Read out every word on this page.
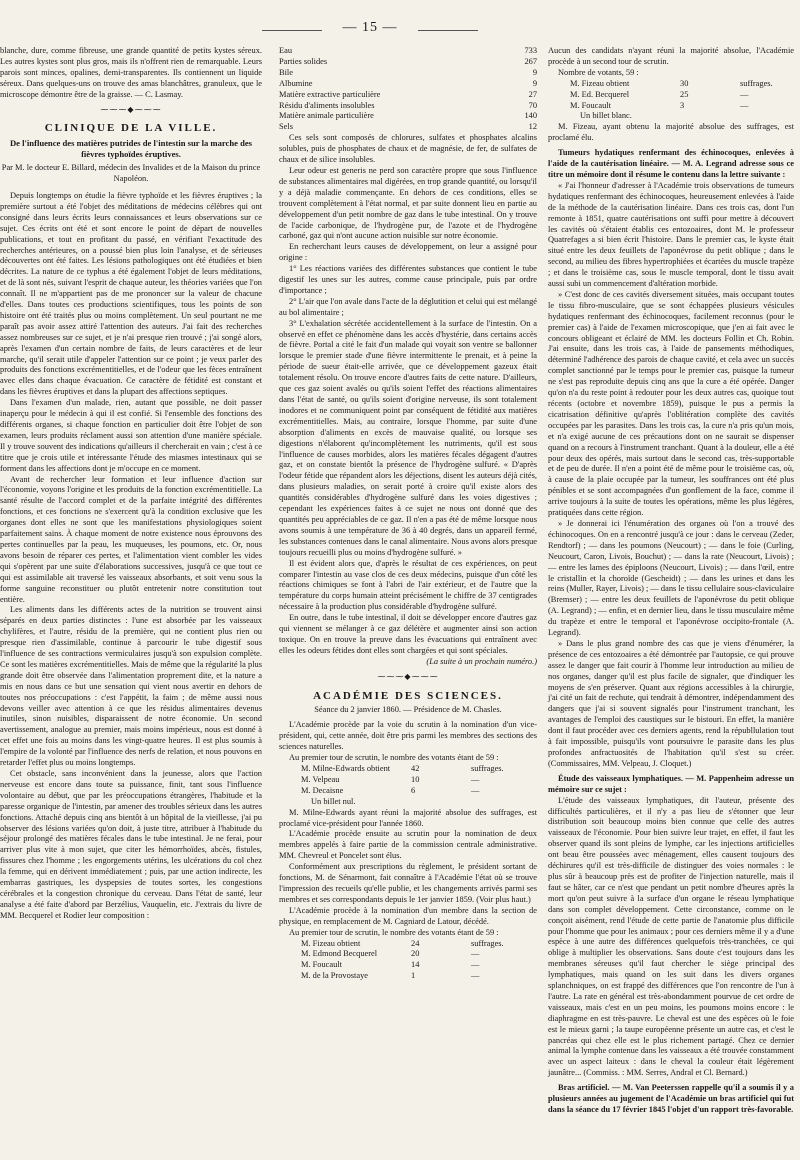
— 15 —

blanche, dure, comme fibreuse, une grande quantité de petits kystes séreux. Les autres kystes sont plus gros, mais ils n'offrent rien de remarquable. Leurs parois sont minces, opalines, demi-transparentes. Ils contiennent un liquide séreux. Dans quelques-uns on trouve des amas blanchâtres, granuleux, que le microscope démontre être de la graisse. — C. Lasmay.

⁓⁓⁓◆⁓⁓⁓
CLINIQUE DE LA VILLE.
De l'influence des matières putrides de l'intestin sur la marche des fièvres typhoïdes éruptives.
Par M. le docteur E. Billard, médecin des Invalides et de la Maison du prince Napoléon.

Depuis longtemps on étudie la fièvre typhoïde et les fièvres éruptives ; la première surtout a été l'objet des méditations de médecins célèbres qui ont consigné dans leurs écrits leurs connaissances et leurs observations sur ce sujet. Ces écrits ont été et sont encore le point de départ de nouvelles publications, et tout en profitant du passé, en vérifiant l'exactitude des recherches antérieures, on a poussé bien plus loin l'analyse, et de sérieuses découvertes ont été faites. Les lésions pathologiques ont été étudiées et bien décrites. La nature de ce typhus a été également l'objet de leurs méditations, et de là sont nés, suivant l'esprit de chaque auteur, les théories variées que l'on connaît. Il ne m'appartient pas de me prononcer sur la valeur de chacune d'elles. Dans toutes ces productions scientifiques, tous les points de son histoire ont été traités plus ou moins complètement. Un seul pourtant ne me paraît pas avoir assez attiré l'attention des auteurs. J'ai fait des recherches assez nombreuses sur ce sujet, et je n'ai presque rien trouvé ; j'ai songé alors, après l'examen d'un certain nombre de faits, de leurs caractères et de leur marche, qu'il serait utile d'appeler l'attention sur ce point ; je veux parler des produits des fonctions excrémentitielles, et de l'odeur que les fèces entraînent avec elles dans chaque évacuation. Ce caractère de fétidité est constant et dans les fièvres éruptives et dans la plupart des affections septiques.

Dans l'examen d'un malade, rien, autant que possible, ne doit passer inaperçu pour le médecin à qui il est confié. Si l'ensemble des fonctions des différents organes, si chaque fonction en particulier doit être l'objet de son examen, leurs produits réclament aussi son attention d'une manière spéciale. Il y trouve souvent des indications qu'ailleurs il chercherait en vain ; c'est à ce titre que je crois utile et intéressante l'étude des miasmes intestinaux qui se forment dans les affections dont je m'occupe en ce moment.

Avant de rechercher leur formation et leur influence d'action sur l'économie, voyons l'origine et les produits de la fonction excrémentitielle. La santé résulte de l'accord complet et de la parfaite intégrité des différentes fonctions, et ces fonctions ne s'exercent qu'à la condition exclusive que les organes dont elles ne sont que les manifestations physiologiques soient parfaitement sains. À chaque moment de notre existence nous éprouvons des pertes continuelles par la peau, les muqueuses, les poumons, etc. Or, nous avons besoin de réparer ces pertes, et l'alimentation vient combler les vides qui s'opèrent par une suite d'élaborations successives, jusqu'à ce que tout ce qui est assimilable ait traversé les vaisseaux absorbants, et soit venu sous la forme sanguine reconstituer ou plutôt entretenir notre constitution tout entière.

Les aliments dans les différents actes de la nutrition se trouvent ainsi séparés en deux parties distinctes : l'une est absorbée par les vaisseaux chylifères, et l'autre, résidu de la première, qui ne contient plus rien ou presque rien d'assimilable, continue à parcourir le tube digestif sous l'influence de ses contractions vermiculaires jusqu'à son expulsion complète. Ce sont les matières excrémentitielles. Mais de même que la régularité la plus grande doit être observée dans l'alimentation proprement dite, et la nature a mis en nous dans ce but une sensation qui vient nous avertir en dehors de toutes nos préoccupations : c'est l'appétit, la faim ; de même aussi nous devons veiller avec attention à ce que les résidus alimentaires devenus inutiles, sinon nuisibles, disparaissent de notre économie. Un second avertissement, analogue au premier, mais moins impérieux, nous est donné à cet effet une fois au moins dans les vingt-quatre heures. Il est plus soumis à l'empire de la volonté par l'influence des nerfs de relation, et nous pouvons en retarder l'effet plus ou moins longtemps.

Cet obstacle, sans inconvénient dans la jeunesse, alors que l'action nerveuse est encore dans toute sa puissance, finit, tant sous l'influence volontaire au début, que par les préoccupations étrangères, l'habitude et la paresse organique de l'intestin, par amener des troubles sérieux dans les autres fonctions. Attaché depuis cinq ans bientôt à un hôpital de la vieillesse, j'ai pu observer des lésions variées qu'on doit, à juste titre, attribuer à l'habitude du séjour prolongé des matières fécales dans le tube intestinal. Je ne ferai, pour arriver plus vite à mon sujet, que citer les hémorrhoïdes, abcès, fistules, fissures chez l'homme ; les engorgements utérins, les ulcérations du col chez la femme, qui en dérivent immédiatement ; puis, par une action indirecte, les embarras gastriques, les dyspepsies de toutes sortes, les congestions cérébrales et la congestion chronique du cerveau. Dans l'état de santé, leur analyse a été faite d'abord par Berzélius, Vauquelin, etc. J'extrais du livre de MM. Becquerel et Rodier leur composition :

Eau	733
Parties solides	267
Bile	9
Albumine	9
Matière extractive particulière	27
Résidu d'aliments insolubles	70
Matière animale particulière	140
Sels	12

Ces sels sont composés de chlorures, sulfates et phosphates alcalins solubles, puis de phosphates de chaux et de magnésie, de fer, de sulfates de chaux et de silice insolubles.

Leur odeur est generis ne perd son caractère propre que sous l'influence de substances alimentaires mal digérées, en trop grande quantité, ou lorsqu'il y a déjà maladie commençante. En dehors de ces conditions, elles se trouvent complètement à l'état normal, et par suite donnent lieu en partie au développement d'un petit nombre de gaz dans le tube intestinal. On y trouve de l'acide carbonique, de l'hydrogène pur, de l'azote et de l'hydrogène carboné, gaz qui n'ont aucune action nuisible sur notre économie.

En recherchant leurs causes de développement, on leur a assigné pour origine :

1° Les réactions variées des différentes substances que contient le tube digestif les unes sur les autres, comme cause principale, puis par ordre d'importance ;

2° L'air que l'on avale dans l'acte de la déglutition et celui qui est mélangé au bol alimentaire ;

3° L'exhalation sécrétée accidentellement à la surface de l'intestin. On a observé en effet ce phénomène dans les accès d'hystérie, dans certains accès de fièvre. Portal a cité le fait d'un malade qui voyait son ventre se ballonner lorsque le premier stade d'une fièvre intermittente le prenait, et à peine la période de sueur était-elle arrivée, que ce développement gazeux était totalement résolu. On trouve encore d'autres faits de cette nature. D'ailleurs, que ces gaz soient avalés ou qu'ils soient l'effet des réactions alimentaires dans l'état de santé, ou qu'ils soient d'origine nerveuse, ils sont totalement inodores et ne communiquent point par conséquent de fétidité aux matières excrémentitielles. Mais, au contraire, lorsque l'homme, par suite d'une absorption d'aliments en excès de mauvaise qualité, ou lorsque ses digestions n'élaborent qu'incomplètement les nutriments, qu'il est sous l'influence de causes morbides, alors les matières fécales dégagent d'autres gaz, et on constate bientôt la présence de l'hydrogène sulfuré. « D'après l'odeur fétide que répandent alors les déjections, disent les auteurs déjà cités, dans plusieurs maladies, on serait porté à croire qu'il existe alors des quantités considérables d'hydrogène sulfuré dans les voies digestives ; cependant les expériences faites à ce sujet ne nous ont donné que des quantités peu appréciables de ce gaz. Il n'en a pas été de même lorsque nous avons soumis à une température de 36 à 40 degrés, dans un appareil fermé, les substances contenues dans le canal alimentaire. Nous avons alors presque toujours recueilli plus ou moins d'hydrogène sulfuré. »

Il est évident alors que, d'après le résultat de ces expériences, on peut comparer l'intestin au vase clos de ces deux médecins, puisque d'un côté les réactions chimiques se font à l'abri de l'air extérieur, et de l'autre que la température du corps humain atteint précisément le chiffre de 37 centigrades nécessaire à la production plus considérable d'hydrogène sulfuré.

En outre, dans le tube intestinal, il doit se développer encore d'autres gaz qui viennent se mélanger à ce gaz délétère et augmenter ainsi son action toxique. On en trouve la preuve dans les évacuations qui entraînent avec elles les odeurs fétides dont elles sont chargées et qui sont spéciales.

(La suite à un prochain numéro.)

⁓⁓⁓◆⁓⁓⁓
ACADÉMIE DES SCIENCES.

Séance du 2 janvier 1860. — Présidence de M. Chasles.

L'Académie procède par la voie du scrutin à la nomination d'un vice-président, qui, cette année, doit être pris parmi les membres des sections des sciences naturelles.

Au premier tour de scrutin, le nombre des votants étant de 59 :

M. Milne-Edwards obtient 42	suffrages.
M. Velpeau	10	—
M. Decaisne	6	—

Un billet nul.

M. Milne-Edwards ayant réuni la majorité absolue des suffrages, est proclamé vice-président pour l'année 1860.

L'Académie procède ensuite au scrutin pour la nomination de deux membres appelés à faire partie de la commission centrale administrative. MM. Chevreul et Poncelet sont élus.

Conformément aux prescriptions du règlement, le président sortant de fonctions, M. de Sénarmont, fait connaître à l'Académie l'état où se trouve l'impression des recueils qu'elle publie, et les changements arrivés parmi ses membres et ses correspondants depuis le 1er janvier 1859. (Voir plus haut.)

L'Académie procède à la nomination d'un membre dans la section de physique, en remplacement de M. Cagniard de Latour, décédé.

Au premier tour de scrutin, le nombre des votants étant de 59 :

M. Fizeau obtient	24	suffrages.
M. Edmond Becquerel	20	—
M. Foucault	14	—
M. de la Provostaye	1	—

Aucun des candidats n'ayant réuni la majorité absolue, l'Académie procède à un second tour de scrutin.

Nombre de votants, 59 :

M. Fizeau obtient	30	suffrages.
M. Ed. Becquerel	25	—
M. Foucault	3	—

Un billet blanc.

M. Fizeau, ayant obtenu la majorité absolue des suffrages, est proclamé élu.

Tumeurs hydatiques renfermant des échinocoques, enlevées à l'aide de la cautérisation linéaire. — M. A. Legrand adresse sous ce titre un mémoire dont il résume le contenu dans la lettre suivante :

« J'ai l'honneur d'adresser à l'Académie trois observations de tumeurs hydatiques renfermant des échinocoques, heureusement enlevées à l'aide de la méthode de la cautérisation linéaire. Dans ces trois cas, dont l'un remonte à 1851, quatre cautérisations ont suffi pour mettre à découvert les cavités où s'étaient établis ces entozoaires, dont M. le professeur Quatrefages a si bien écrit l'histoire. Dans le premier cas, le kyste était situé entre les deux feuillets de l'aponévrose du petit oblique ; dans le second, au milieu des fibres hypertrophiées et écartées du muscle trapèze ; et dans le troisième cas, sous le muscle temporal, dont le tissu avait aussi subi un commencement d'altération morbide.

» C'est donc de ces cavités diversement situées, mais occupant toutes le tissu fibro-musculaire, que se sont échappées plusieurs vésicules hydatiques renfermant des échinocoques, facilement reconnus (pour le premier cas) à l'aide de l'examen microscopique, que j'en ai fait avec le concours obligeant et éclairé de MM. les docteurs Follin et Ch. Robin. J'ai ensuite, dans les trois cas, à l'aide de pansements méthodiques, déterminé l'adhérence des parois de chaque cavité, et cela avec un succès complet sanctionné par le temps pour le premier cas, puisque la tumeur ne s'est pas reproduite depuis cinq ans que la cure a été opérée. Danger qu'on n'a du reste point à redouter pour les deux autres cas, quoique tout récents (octobre et novembre 1859), puisque le pus a permis la cicatrisation définitive qu'après l'oblitération complète des cavités occupées par les parasites. Dans les trois cas, la cure n'a pris qu'un mois, et n'a exigé aucune de ces précautions dont on ne saurait se dispenser quand on a recours à l'instrument tranchant. Quant à la douleur, elle a été pour deux des opérés, mais surtout dans le second cas, très-supportable et de peu de durée. Il n'en a point été de même pour le troisième cas, où, à cause de la plaie occupée par la tumeur, les souffrances ont été plus pénibles et se sont accompagnées d'un gonflement de la face, comme il arrive toujours à la suite de toutes les opérations, même les plus légères, pratiquées dans cette région.

» Je donnerai ici l'énumération des organes où l'on a trouvé des échinocoques. On en a rencontré jusqu'à ce jour : dans le cerveau (Zeder, Rendtorf) ; — dans les poumons (Neucourt) ; — dans le foie (Curling, Neucourt, Caron, Livois, Bouchut) ; — dans la rate (Neucourt, Livois) ; — entre les lames des épiploons (Neucourt, Livois) ; — dans l'œil, entre le cristallin et la choroïde (Gescheidt) ; — dans les urines et dans les reins (Muller, Rayer, Livois) ; — dans le tissu cellulaire sous-claviculaire (Bremser) ; — entre les deux feuillets de l'aponévrose du petit oblique (A. Legrand) ; — enfin, et en dernier lieu, dans le tissu musculaire même du trapèze et entre le temporal et l'aponévrose occipito-frontale (A. Legrand).

» Dans le plus grand nombre des cas que je viens d'énumérer, la présence de ces entozoaires a été démontrée par l'autopsie, ce qui prouve assez le danger que fait courir à l'homme leur introduction au milieu de nos organes, danger qu'il est plus facile de signaler, que d'indiquer les moyens de s'en préserver. Quant aux régions accessibles à la chirurgie, j'ai cité un fait de rechute, qui tendrait à démontrer, indépendamment des dangers que j'ai si souvent signalés pour l'instrument tranchant, les avantages de l'emploi des caustiques sur le bistouri. En effet, la manière dont il faut procéder avec ces derniers agents, rend la républlulation tout à fait impossible, puisqu'ils vont poursuivre le parasite dans les plus profondes anfractuosités de l'habitation qu'il s'est su créer. (Commissaires, MM. Velpeau, J. Cloquet.)

Étude des vaisseaux lymphatiques. — M. Pappenheim adresse un mémoire sur ce sujet :

L'étude des vaisseaux lymphatiques, dit l'auteur, présente des difficultés particulières, et il n'y a pas lieu de s'étonner que leur distribution soit beaucoup moins bien connue que celle des autres vaisseaux de l'économie. Pour bien suivre leur trajet, en effet, il faut les observer quand ils sont pleins de lymphe, car les injections artificielles ont beau être poussées avec ménagement, elles causent toujours des déchirures qu'il est très-difficile de distinguer des voies normales : le plus sûr à beaucoup près est de profiter de l'injection naturelle, mais il faut se hâter, car ce n'est que pendant un petit nombre d'heures après la mort qu'on peut suivre à la surface d'un organe le réseau lymphatique dans son complet développement. Cette circonstance, comme on le conçoit aisément, rend l'étude de cette partie de l'anatomie plus difficile pour l'homme que pour les animaux ; pour ces derniers même il y a d'une espèce à une autre des différences quelquefois très-tranchées, ce qui oblige à multiplier les observations. Sans doute c'est toujours dans les membranes séreuses qu'il faut chercher le siège principal des lymphatiques, mais quand on les suit dans les divers organes splanchniques, on est frappé des différences que l'on rencontre de l'un à l'autre. La rate en général est très-abondamment pourvue de cet ordre de vaisseaux, mais c'est en un peu moins, les poumons moins encore : le diaphragme en est très-pauvre. Le cheval est une des espèces où le foie est le mieux garni ; la taupe européenne présente un autre cas, et c'est le pancréas qui chez elle est le plus richement partagé. Chez ce dernier animal la lymphe contenue dans les vaisseaux a été trouvée constamment avec un aspect laiteux : dans le cheval la couleur était légèrement jaunâtre... (Commiss. : MM. Serres, Andral et Cl. Bernard.)

Bras artificiel. — M. Van Peeterssen rappelle qu'il a soumis il y a plusieurs années au jugement de l'Académie un bras artificiel qui fut dans la séance du 17 février 1845 l'objet d'un rapport très-favorable.
